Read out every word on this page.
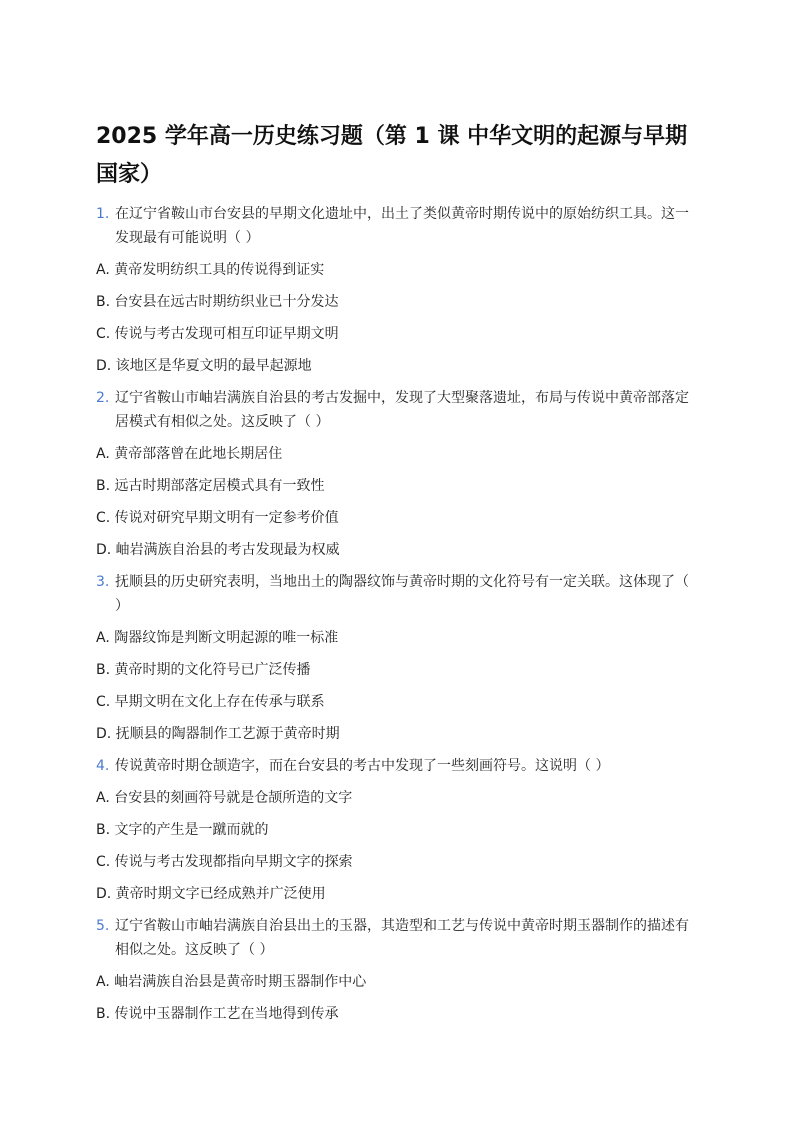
2025 学年高一历史练习题（第 1 课 中华文明的起源与早期国家）
1. 在辽宁省鞍山市台安县的早期文化遗址中，出土了类似黄帝时期传说中的原始纺织工具。这一发现最有可能说明（ ）
A. 黄帝发明纺织工具的传说得到证实
B. 台安县在远古时期纺织业已十分发达
C. 传说与考古发现可相互印证早期文明
D. 该地区是华夏文明的最早起源地
2. 辽宁省鞍山市岫岩满族自治县的考古发掘中，发现了大型聚落遗址，布局与传说中黄帝部落定居模式有相似之处。这反映了（ ）
A. 黄帝部落曾在此地长期居住
B. 远古时期部落定居模式具有一致性
C. 传说对研究早期文明有一定参考价值
D. 岫岩满族自治县的考古发现最为权威
3. 抚顺县的历史研究表明，当地出土的陶器纹饰与黄帝时期的文化符号有一定关联。这体现了（ ）
A. 陶器纹饰是判断文明起源的唯一标准
B. 黄帝时期的文化符号已广泛传播
C. 早期文明在文化上存在传承与联系
D. 抚顺县的陶器制作工艺源于黄帝时期
4. 传说黄帝时期仓颉造字，而在台安县的考古中发现了一些刻画符号。这说明（ ）
A. 台安县的刻画符号就是仓颉所造的文字
B. 文字的产生是一蹴而就的
C. 传说与考古发现都指向早期文字的探索
D. 黄帝时期文字已经成熟并广泛使用
5. 辽宁省鞍山市岫岩满族自治县出土的玉器，其造型和工艺与传说中黄帝时期玉器制作的描述有相似之处。这反映了（ ）
A. 岫岩满族自治县是黄帝时期玉器制作中心
B. 传说中玉器制作工艺在当地得到传承
